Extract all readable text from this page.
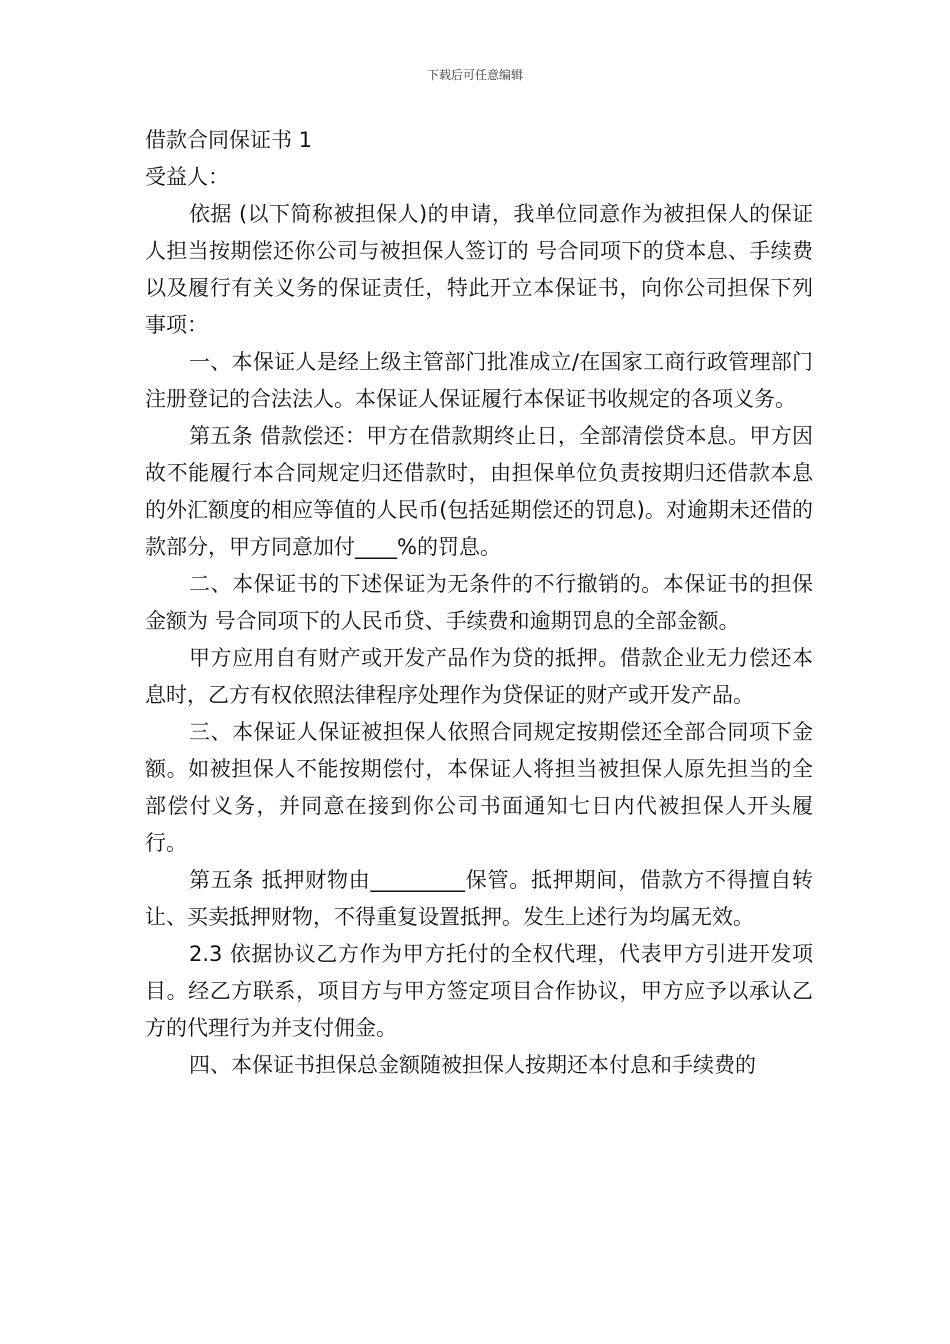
下载后可任意编辑

借款合同保证书 1

受益人：

依据 (以下简称被担保人)的申请，我单位同意作为被担保人的保证人担当按期偿还你公司与被担保人签订的 号合同项下的贷本息、手续费以及履行有关义务的保证责任，特此开立本保证书，向你公司担保下列事项：

一、本保证人是经上级主管部门批准成立/在国家工商行政管理部门注册登记的合法法人。本保证人保证履行本保证书收规定的各项义务。

第五条 借款偿还：甲方在借款期终止日，全部清偿贷本息。甲方因故不能履行本合同规定归还借款时，由担保单位负责按期归还借款本息的外汇额度的相应等值的人民币(包括延期偿还的罚息)。对逾期未还借的款部分，甲方同意加付____%的罚息。

二、本保证书的下述保证为无条件的不行撤销的。本保证书的担保金额为 号合同项下的人民币贷、手续费和逾期罚息的全部金额。

甲方应用自有财产或开发产品作为贷的抵押。借款企业无力偿还本息时，乙方有权依照法律程序处理作为贷保证的财产或开发产品。

三、本保证人保证被担保人依照合同规定按期偿还全部合同项下金额。如被担保人不能按期偿付，本保证人将担当被担保人原先担当的全部偿付义务，并同意在接到你公司书面通知七日内代被担保人开头履行。

第五条 抵押财物由_________保管。抵押期间，借款方不得擅自转让、买卖抵押财物，不得重复设置抵押。发生上述行为均属无效。

2.3 依据协议乙方作为甲方托付的全权代理，代表甲方引进开发项目。经乙方联系，项目方与甲方签定项目合作协议，甲方应予以承认乙方的代理行为并支付佣金。

四、本保证书担保总金额随被担保人按期还本付息和手续费的
